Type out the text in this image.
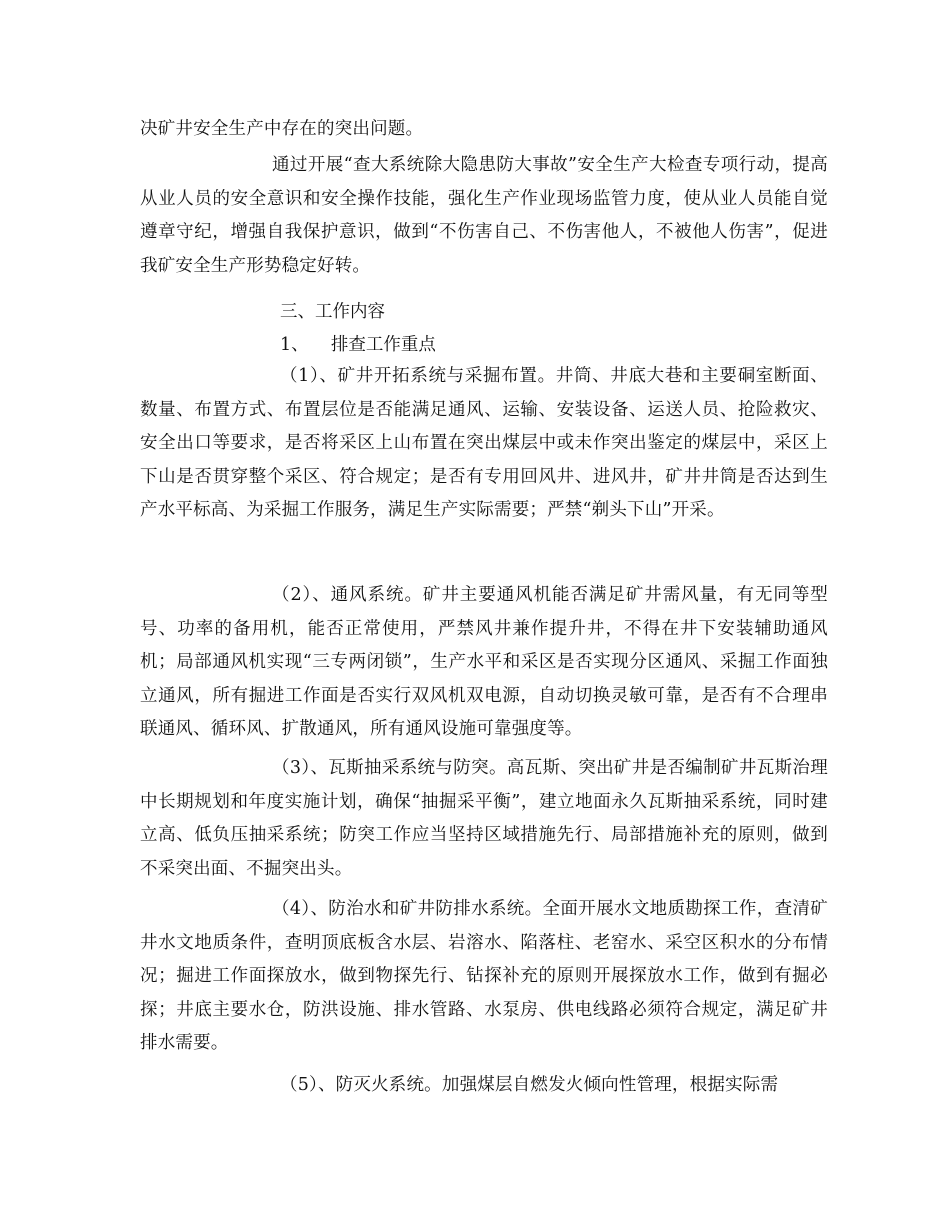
决矿井安全生产中存在的突出问题。

通过开展“查大系统除大隐患防大事故”安全生产大检查专项行动，提高从业人员的安全意识和安全操作技能，强化生产作业现场监管力度，使从业人员能自觉遵章守纪，增强自我保护意识，做到“不伤害自己、不伤害他人，不被他人伤害”，促进我矿安全生产形势稳定好转。

三、工作内容

1、    排查工作重点

（1）、矿井开拓系统与采掘布置。井筒、井底大巷和主要硐室断面、数量、布置方式、布置层位是否能满足通风、运输、安装设备、运送人员、抢险救灾、安全出口等要求，是否将采区上山布置在突出煤层中或未作突出鉴定的煤层中，采区上下山是否贯穿整个采区、符合规定；是否有专用回风井、进风井，矿井井筒是否达到生产水平标高、为采掘工作服务，满足生产实际需要；严禁“剃头下山”开采。

（2）、通风系统。矿井主要通风机能否满足矿井需风量，有无同等型号、功率的备用机，能否正常使用，严禁风井兼作提升井，不得在井下安装辅助通风机；局部通风机实现“三专两闭锁”，生产水平和采区是否实现分区通风、采掘工作面独立通风，所有掘进工作面是否实行双风机双电源，自动切换灵敏可靠，是否有不合理串联通风、循环风、扩散通风，所有通风设施可靠强度等。

（3）、瓦斯抽采系统与防突。高瓦斯、突出矿井是否编制矿井瓦斯治理中长期规划和年度实施计划，确保“抽掘采平衡”，建立地面永久瓦斯抽采系统，同时建立高、低负压抽采系统；防突工作应当坚持区域措施先行、局部措施补充的原则，做到不采突出面、不掘突出头。

（4）、防治水和矿井防排水系统。全面开展水文地质勘探工作，查清矿井水文地质条件，查明顶底板含水层、岩溶水、陷落柱、老窑水、采空区积水的分布情况；掘进工作面探放水，做到物探先行、钻探补充的原则开展探放水工作，做到有掘必探；井底主要水仓，防洪设施、排水管路、水泵房、供电线路必须符合规定，满足矿井排水需要。

（5）、防灭火系统。加强煤层自燃发火倾向性管理，根据实际需
